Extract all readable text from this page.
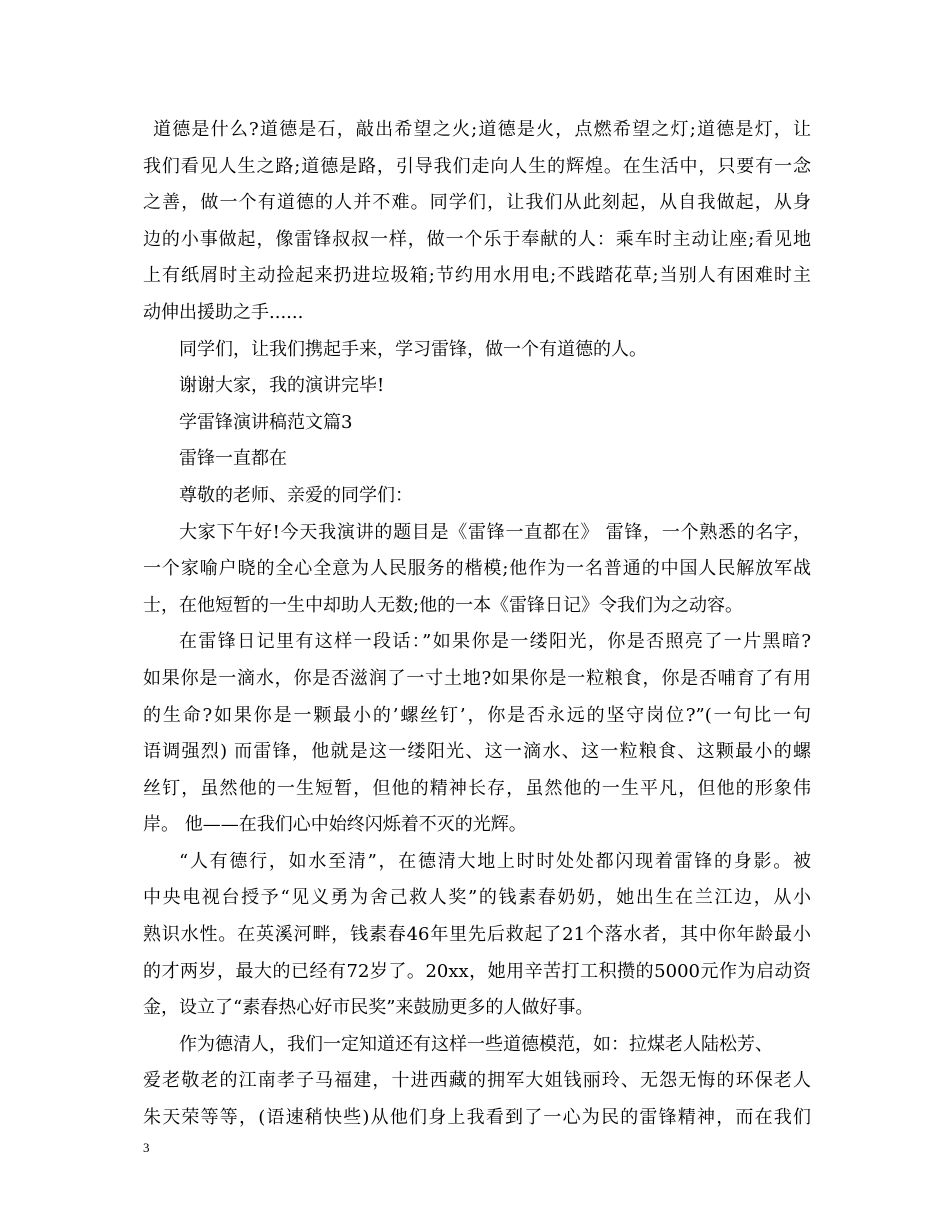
道德是什么?道德是石，敲出希望之火;道德是火，点燃希望之灯;道德是灯，让
我们看见人生之路;道德是路，引导我们走向人生的辉煌。在生活中，只要有一念
之善，做一个有道德的人并不难。同学们，让我们从此刻起，从自我做起，从身
边的小事做起，像雷锋叔叔一样，做一个乐于奉献的人：乘车时主动让座;看见地
上有纸屑时主动捡起来扔进垃圾箱;节约用水用电;不践踏花草;当别人有困难时主
动伸出援助之手......
同学们，让我们携起手来，学习雷锋，做一个有道德的人。
谢谢大家，我的演讲完毕!
学雷锋演讲稿范文篇3
雷锋一直都在
尊敬的老师、亲爱的同学们：
大家下午好!今天我演讲的题目是《雷锋一直都在》 雷锋，一个熟悉的名字，
一个家喻户晓的全心全意为人民服务的楷模;他作为一名普通的中国人民解放军战
士，在他短暂的一生中却助人无数;他的一本《雷锋日记》令我们为之动容。
在雷锋日记里有这样一段话：”如果你是一缕阳光，你是否照亮了一片黑暗?
如果你是一滴水，你是否滋润了一寸土地?如果你是一粒粮食，你是否哺育了有用
的生命?如果你是一颗最小的’螺丝钉’，你是否永远的坚守岗位?”(一句比一句
语调强烈) 而雷锋，他就是这一缕阳光、这一滴水、这一粒粮食、这颗最小的螺
丝钉，虽然他的一生短暂，但他的精神长存，虽然他的一生平凡，但他的形象伟
岸。 他——在我们心中始终闪烁着不灭的光辉。
“人有德行，如水至清”，在德清大地上时时处处都闪现着雷锋的身影。被
中央电视台授予“见义勇为舍己救人奖”的钱素春奶奶，她出生在兰江边，从小
熟识水性。在英溪河畔，钱素春46年里先后救起了21个落水者，其中你年龄最小
的才两岁，最大的已经有72岁了。20xx，她用辛苦打工积攒的5000元作为启动资
金，设立了“素春热心好市民奖”来鼓励更多的人做好事。
作为德清人，我们一定知道还有这样一些道德模范，如：拉煤老人陆松芳、
爱老敬老的江南孝子马福建，十进西藏的拥军大姐钱丽玲、无怨无悔的环保老人
朱天荣等等，(语速稍快些)从他们身上我看到了一心为民的雷锋精神，而在我们
3
